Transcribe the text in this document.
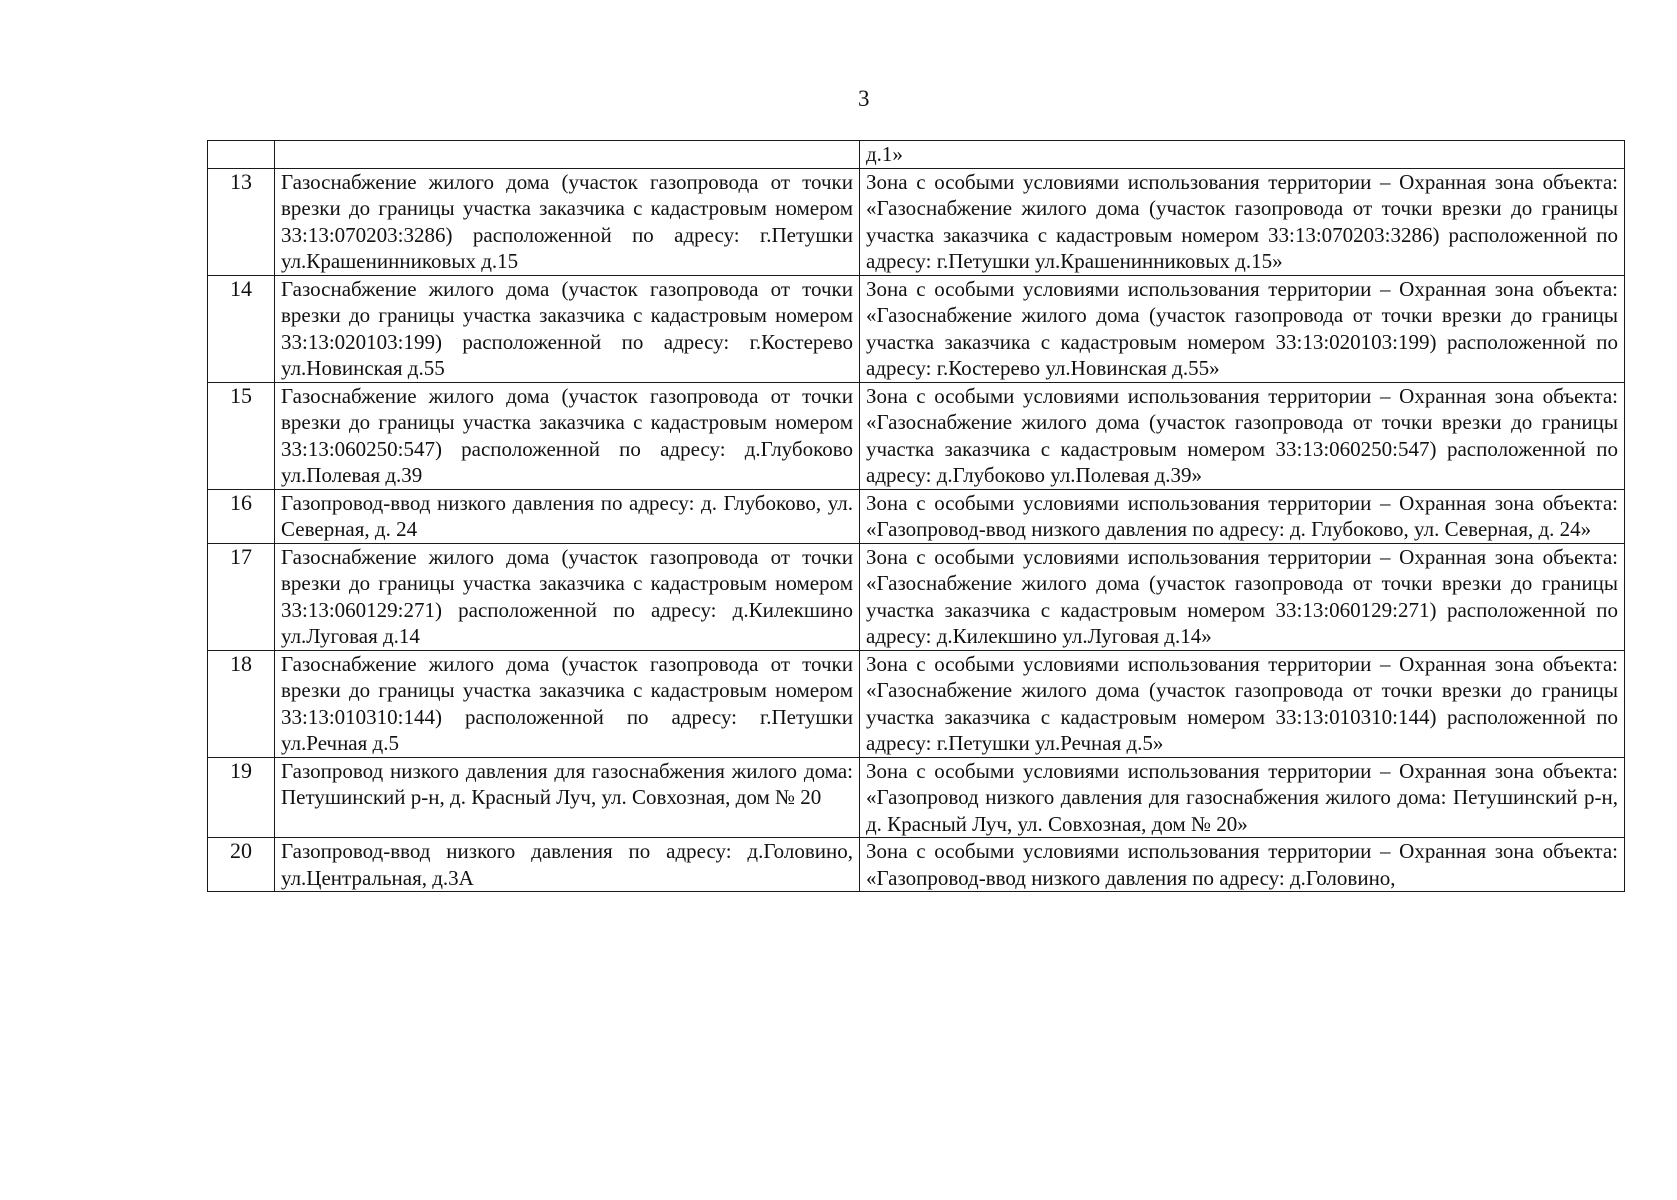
3
		д.1»
13	Газоснабжение жилого дома (участок газопровода от точки врезки до границы участка заказчика с кадастровым номером 33:13:070203:3286) расположенной по адресу: г.Петушки ул.Крашенинниковых д.15	Зона с особыми условиями использования территории – Охранная зона объекта: «Газоснабжение жилого дома (участок газопровода от точки врезки до границы участка заказчика с кадастровым номером 33:13:070203:3286) расположенной по адресу: г.Петушки ул.Крашенинниковых д.15»
14	Газоснабжение жилого дома (участок газопровода от точки врезки до границы участка заказчика с кадастровым номером 33:13:020103:199) расположенной по адресу: г.Костерево ул.Новинская д.55	Зона с особыми условиями использования территории – Охранная зона объекта: «Газоснабжение жилого дома (участок газопровода от точки врезки до границы участка заказчика с кадастровым номером 33:13:020103:199) расположенной по адресу: г.Костерево ул.Новинская д.55»
15	Газоснабжение жилого дома (участок газопровода от точки врезки до границы участка заказчика с кадастровым номером 33:13:060250:547) расположенной по адресу: д.Глубоково ул.Полевая д.39	Зона с особыми условиями использования территории – Охранная зона объекта: «Газоснабжение жилого дома (участок газопровода от точки врезки до границы участка заказчика с кадастровым номером 33:13:060250:547) расположенной по адресу: д.Глубоково ул.Полевая д.39»
16	Газопровод-ввод низкого давления по адресу: д. Глубоково, ул. Северная, д. 24	Зона с особыми условиями использования территории – Охранная зона объекта: «Газопровод-ввод низкого давления по адресу: д. Глубоково, ул. Северная, д. 24»
17	Газоснабжение жилого дома (участок газопровода от точки врезки до границы участка заказчика с кадастровым номером 33:13:060129:271) расположенной по адресу: д.Килекшино ул.Луговая д.14	Зона с особыми условиями использования территории – Охранная зона объекта: «Газоснабжение жилого дома (участок газопровода от точки врезки до границы участка заказчика с кадастровым номером 33:13:060129:271) расположенной по адресу: д.Килекшино ул.Луговая д.14»
18	Газоснабжение жилого дома (участок газопровода от точки врезки до границы участка заказчика с кадастровым номером 33:13:010310:144) расположенной по адресу: г.Петушки ул.Речная д.5	Зона с особыми условиями использования территории – Охранная зона объекта: «Газоснабжение жилого дома (участок газопровода от точки врезки до границы участка заказчика с кадастровым номером 33:13:010310:144) расположенной по адресу: г.Петушки ул.Речная д.5»
19	Газопровод низкого давления для газоснабжения жилого дома: Петушинский р-н, д. Красный Луч, ул. Совхозная, дом № 20	Зона с особыми условиями использования территории – Охранная зона объекта: «Газопровод низкого давления для газоснабжения жилого дома: Петушинский р-н, д. Красный Луч, ул. Совхозная, дом № 20»
20	Газопровод-ввод низкого давления по адресу: д.Головино, ул.Центральная, д.3А	Зона с особыми условиями использования территории – Охранная зона объекта: «Газопровод-ввод низкого давления по адресу: д.Головино,
